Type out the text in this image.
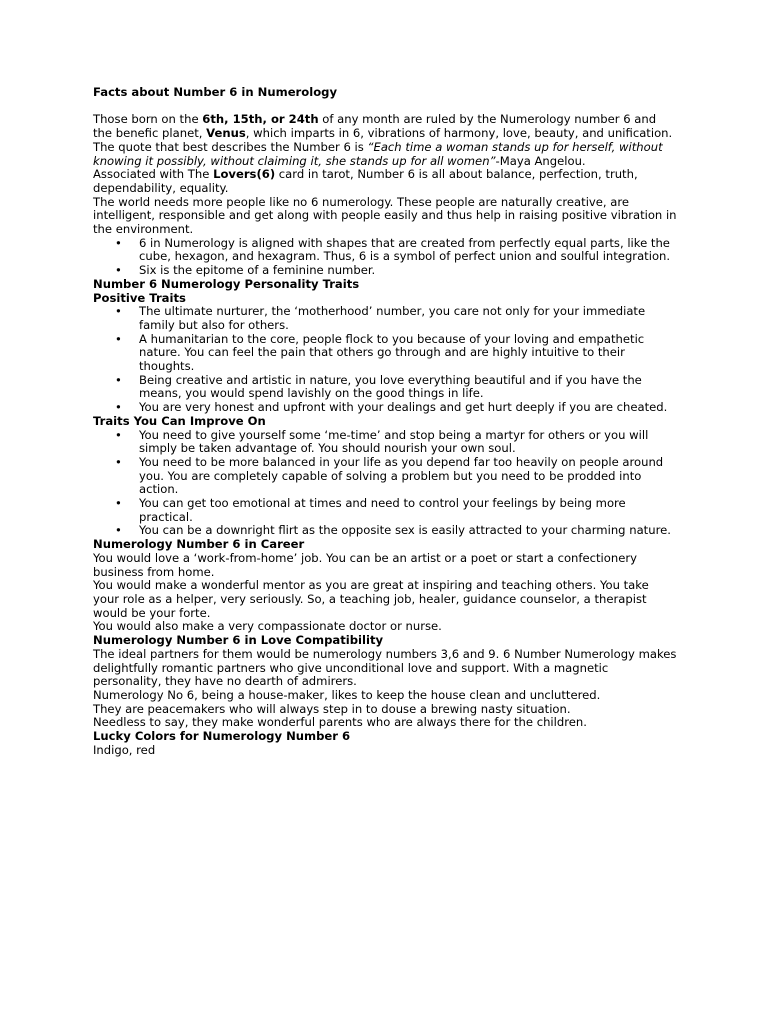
Facts about Number 6 in Numerology

Those born on the 6th, 15th, or 24th of any month are ruled by the Numerology number 6 and the benefic planet, Venus, which imparts in 6, vibrations of harmony, love, beauty, and unification.

The quote that best describes the Number 6 is “Each time a woman stands up for herself, without knowing it possibly, without claiming it, she stands up for all women”-Maya Angelou.

Associated with The Lovers(6) card in tarot, Number 6 is all about balance, perfection, truth, dependability, equality.

The world needs more people like no 6 numerology. These people are naturally creative, are intelligent, responsible and get along with people easily and thus help in raising positive vibration in the environment.

• 6 in Numerology is aligned with shapes that are created from perfectly equal parts, like the cube, hexagon, and hexagram. Thus, 6 is a symbol of perfect union and soulful integration.
• Six is the epitome of a feminine number.

Number 6 Numerology Personality Traits

Positive Traits

• The ultimate nurturer, the ‘motherhood’ number, you care not only for your immediate family but also for others.
• A humanitarian to the core, people flock to you because of your loving and empathetic nature. You can feel the pain that others go through and are highly intuitive to their thoughts.
• Being creative and artistic in nature, you love everything beautiful and if you have the means, you would spend lavishly on the good things in life.
• You are very honest and upfront with your dealings and get hurt deeply if you are cheated.

Traits You Can Improve On

• You need to give yourself some ‘me-time’ and stop being a martyr for others or you will simply be taken advantage of. You should nourish your own soul.
• You need to be more balanced in your life as you depend far too heavily on people around you. You are completely capable of solving a problem but you need to be prodded into action.
• You can get too emotional at times and need to control your feelings by being more practical.
• You can be a downright flirt as the opposite sex is easily attracted to your charming nature.

Numerology Number 6 in Career

You would love a ‘work-from-home’ job. You can be an artist or a poet or start a confectionery business from home.

You would make a wonderful mentor as you are great at inspiring and teaching others. You take your role as a helper, very seriously. So, a teaching job, healer, guidance counselor, a therapist would be your forte.

You would also make a very compassionate doctor or nurse.

Numerology Number 6 in Love Compatibility

The ideal partners for them would be numerology numbers 3,6 and 9. 6 Number Numerology makes delightfully romantic partners who give unconditional love and support. With a magnetic personality, they have no dearth of admirers.

Numerology No 6, being a house-maker, likes to keep the house clean and uncluttered.

They are peacemakers who will always step in to douse a brewing nasty situation.

Needless to say, they make wonderful parents who are always there for the children.

Lucky Colors for Numerology Number 6

Indigo, red
